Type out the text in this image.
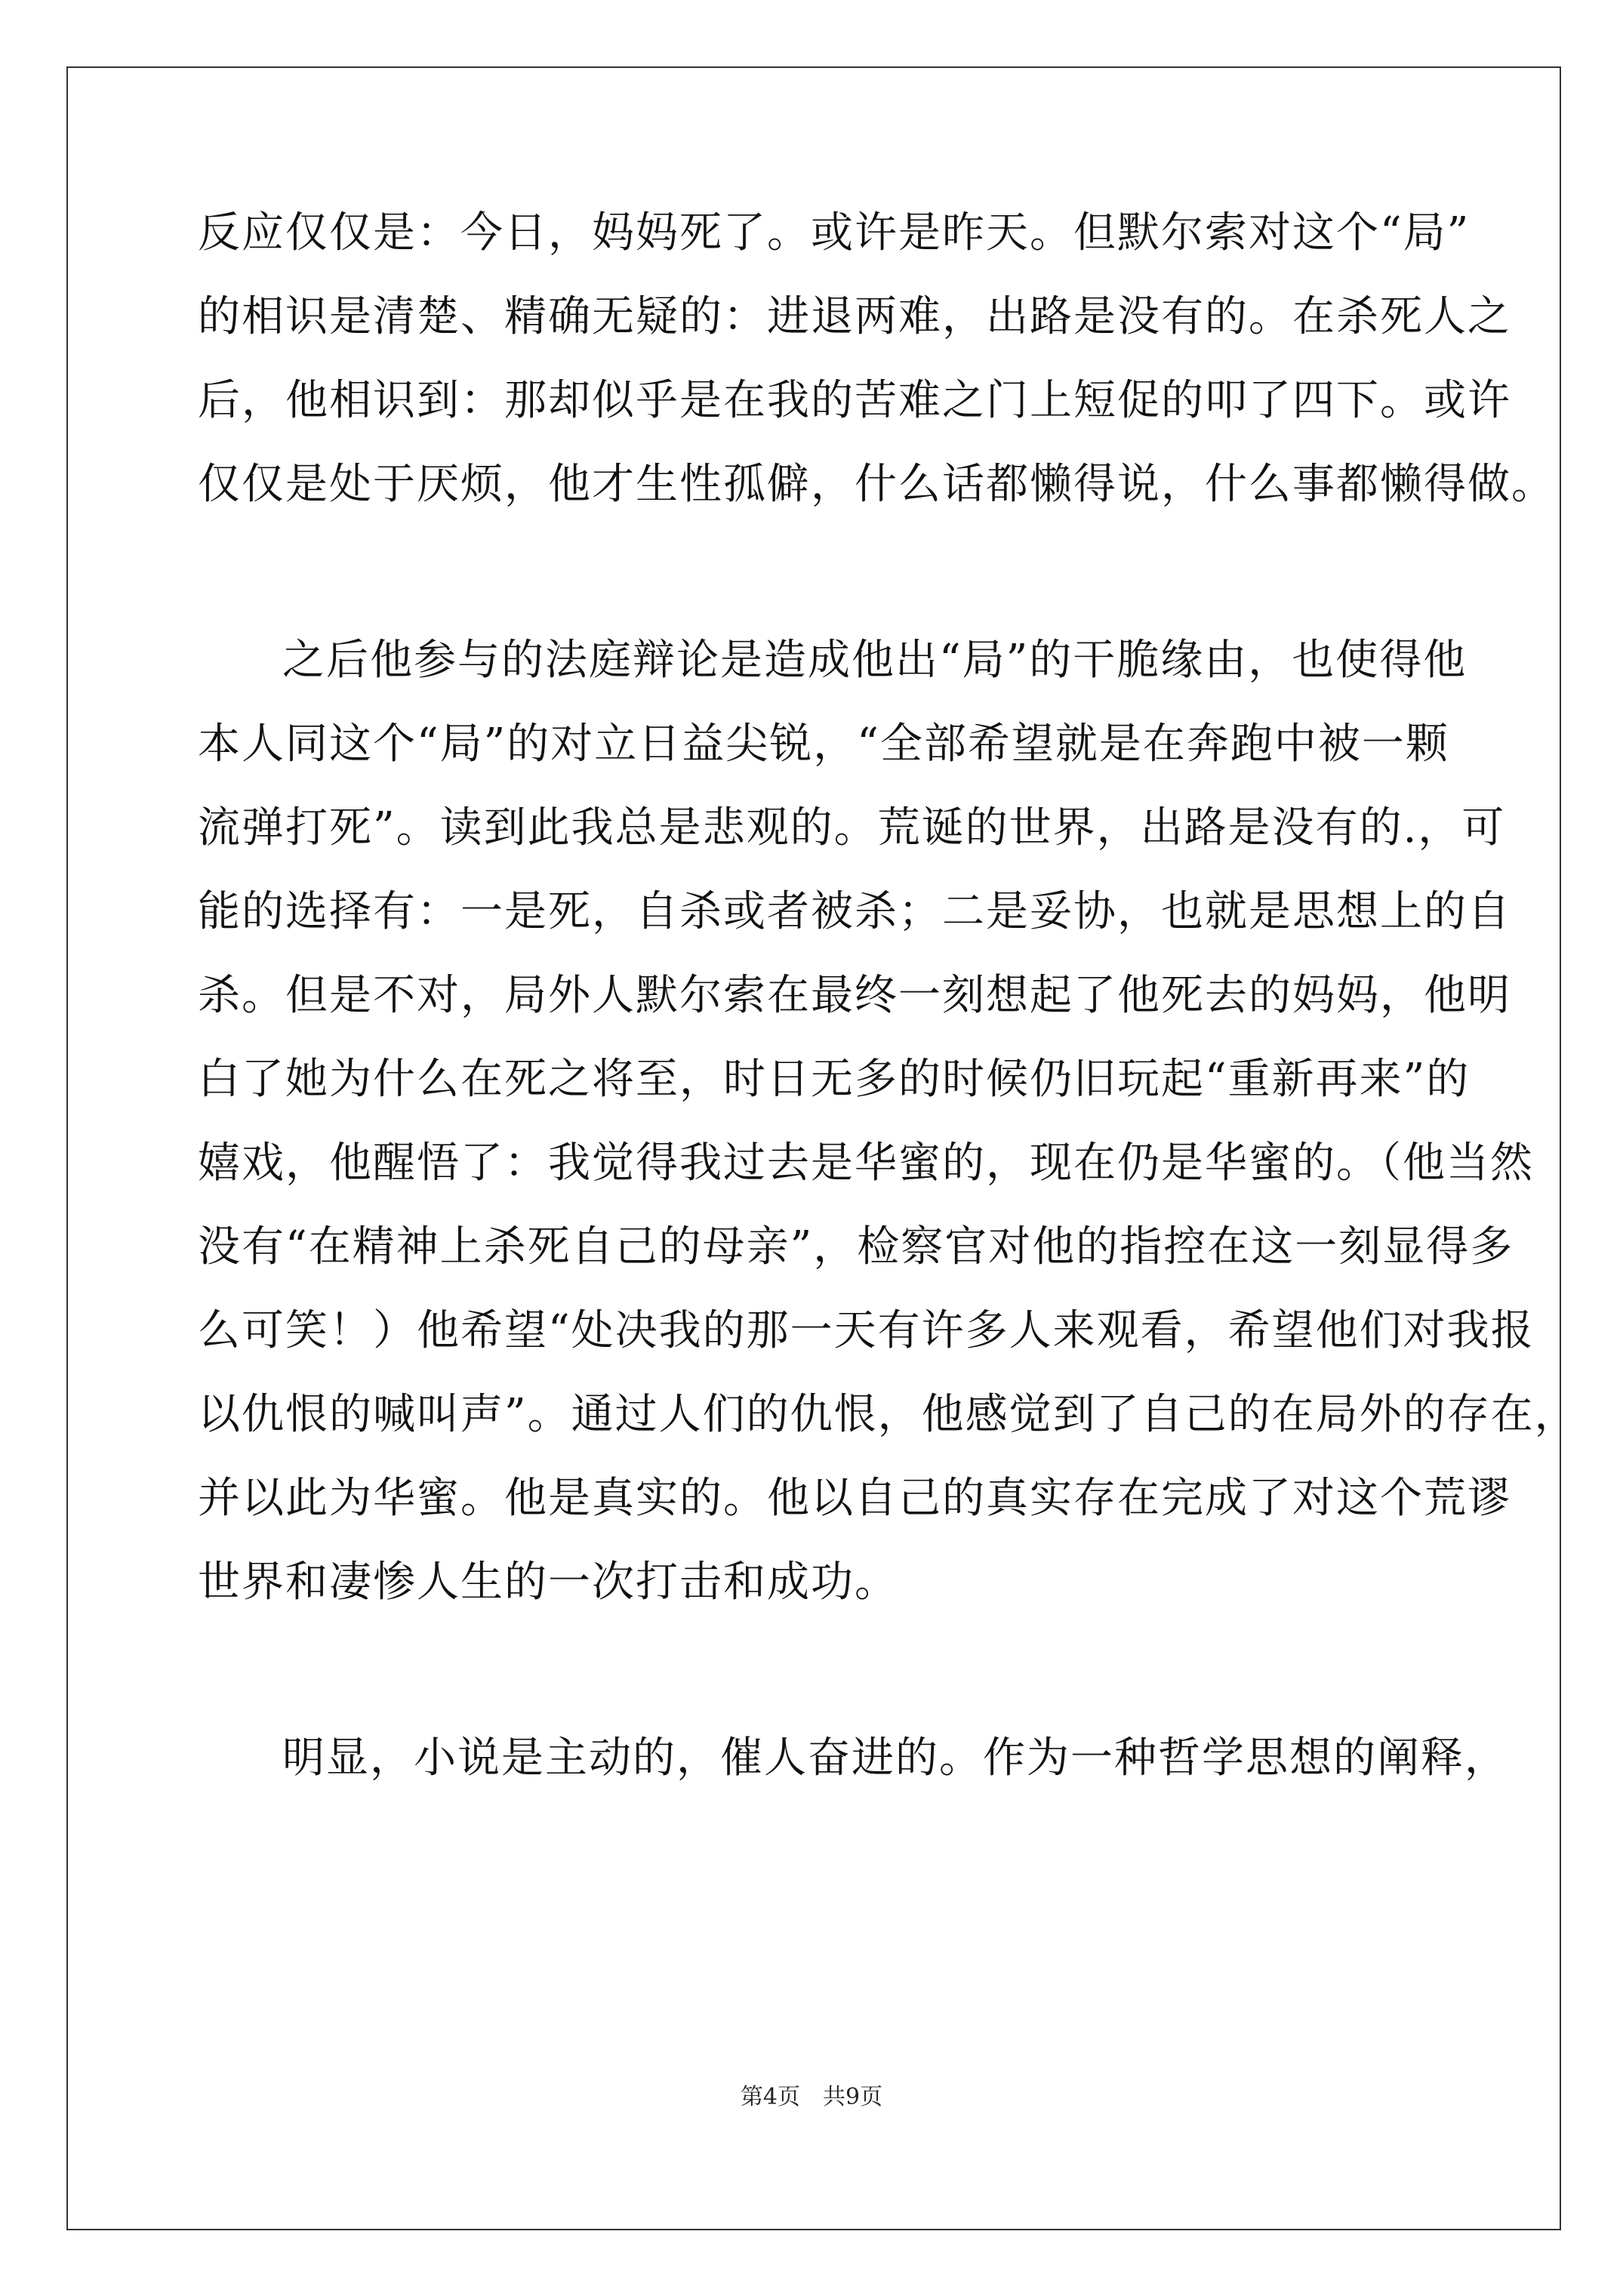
反应仅仅是：今日，妈妈死了。或许是昨天。但默尔索对这个“局”
的相识是清楚、精确无疑的：进退两难，出路是没有的。在杀死人之
后，他相识到：那却似乎是在我的苦难之门上短促的叩了四下。或许
仅仅是处于厌烦，他才生性孤僻，什么话都懒得说，什么事都懒得做。
之后他参与的法庭辩论是造成他出“局”的干脆缘由，也使得他
本人同这个“局”的对立日益尖锐，“全部希望就是在奔跑中被一颗
流弹打死”。读到此我总是悲观的。荒诞的世界，出路是没有的.，可
能的选择有：一是死，自杀或者被杀；二是妥协，也就是思想上的自
杀。但是不对，局外人默尔索在最终一刻想起了他死去的妈妈，他明
白了她为什么在死之将至，时日无多的时候仍旧玩起“重新再来”的
嬉戏，他醒悟了：我觉得我过去是华蜜的，现在仍是华蜜的。（他当然
没有“在精神上杀死自己的母亲”，检察官对他的指控在这一刻显得多
么可笑！）他希望“处决我的那一天有许多人来观看，希望他们对我报
以仇恨的喊叫声”。通过人们的仇恨，他感觉到了自己的在局外的存在，
并以此为华蜜。他是真实的。他以自己的真实存在完成了对这个荒谬
世界和凄惨人生的一次打击和成功。
明显，小说是主动的，催人奋进的。作为一种哲学思想的阐释，
第4页　共9页
